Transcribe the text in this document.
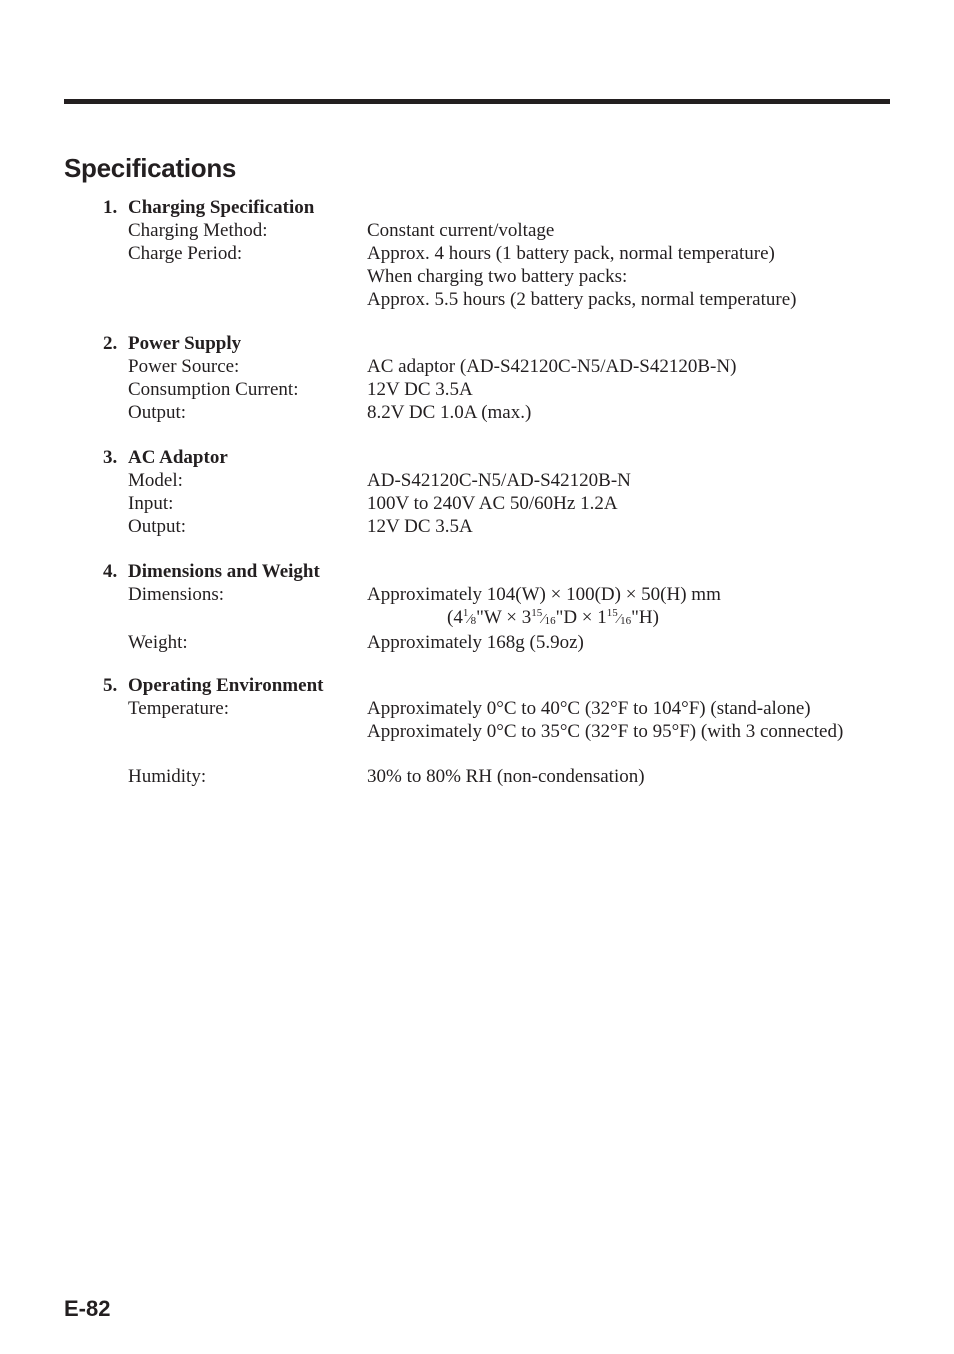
Specifications
1. Charging Specification
Charging Method:	Constant current/voltage
Charge Period:	Approx. 4 hours (1 battery pack, normal temperature)
When charging two battery packs:
Approx. 5.5 hours (2 battery packs, normal temperature)
2. Power Supply
Power Source:	AC adaptor (AD-S42120C-N5/AD-S42120B-N)
Consumption Current:	12V DC 3.5A
Output:	8.2V DC 1.0A (max.)
3. AC Adaptor
Model:	AD-S42120C-N5/AD-S42120B-N
Input:	100V to 240V AC 50/60Hz 1.2A
Output:	12V DC 3.5A
4. Dimensions and Weight
Dimensions:	Approximately 104(W) × 100(D) × 50(H) mm
($4^1⁄_8"W$ × $3^{15}⁄_{16}"D$ × $1^{15}⁄_{16}"H$)
Weight:	Approximately 168g (5.9oz)
5. Operating Environment
Temperature:	Approximately 0°C to 40°C (32°F to 104°F) (stand-alone)
Approximately 0°C to 35°C (32°F to 95°F) (with 3 connected)
Humidity:	30% to 80% RH (non-condensation)
E-82
